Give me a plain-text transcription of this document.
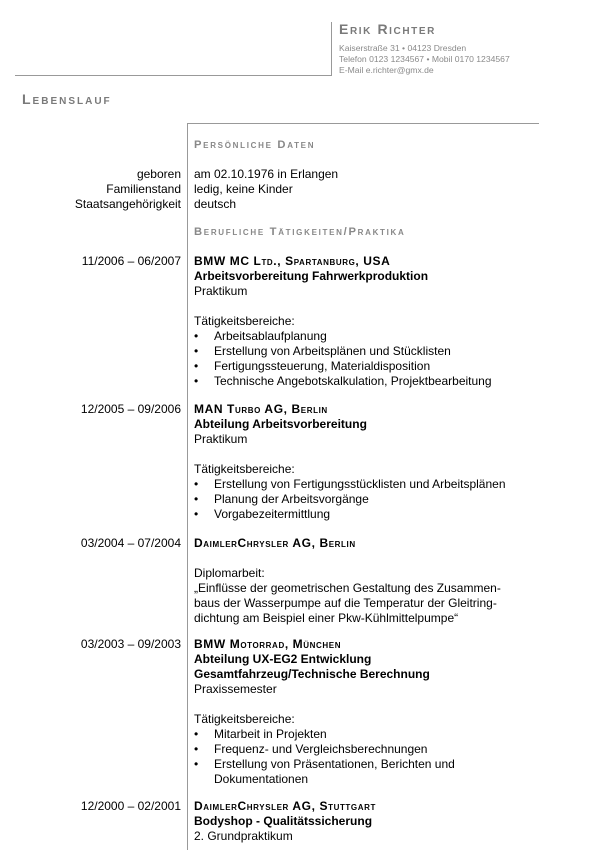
Erik Richter
Kaiserstraße 31 • 04123 Dresden
Telefon 0123 1234567 • Mobil 0170 1234567
E-Mail e.richter@gmx.de
Lebenslauf
Persönliche Daten
geboren
Familienstand
Staatsangehörigkeit
am 02.10.1976 in Erlangen
ledig, keine Kinder
deutsch
Berufliche Tätigkeiten/Praktika
11/2006 – 06/2007 BMW MC Ltd., Spartanburg, USA
Arbeitsvorbereitung Fahrwerkproduktion
Praktikum
Tätigkeitsbereiche:
• Arbeitsablaufplanung
• Erstellung von Arbeitsplänen und Stücklisten
• Fertigungssteuerung, Materialdisposition
• Technische Angebotskalkulation, Projektbearbeitung
12/2005 – 09/2006 MAN Turbo AG, Berlin
Abteilung Arbeitsvorbereitung
Praktikum
Tätigkeitsbereiche:
• Erstellung von Fertigungsstücklisten und Arbeitsplänen
• Planung der Arbeitsvorgänge
• Vorgabezeitermittlung
03/2004 – 07/2004 DaimlerChrysler AG, Berlin
Diplomarbeit:
„Einflüsse der geometrischen Gestaltung des Zusammen-
baus der Wasserpumpe auf die Temperatur der Gleitring-
dichtung am Beispiel einer Pkw-Kühlmittelpumpe“
03/2003 – 09/2003 BMW Motorrad, München
Abteilung UX-EG2 Entwicklung
Gesamtfahrzeug/Technische Berechnung
Praxissemester
Tätigkeitsbereiche:
• Mitarbeit in Projekten
• Frequenz- und Vergleichsberechnungen
• Erstellung von Präsentationen, Berichten und
Dokumentationen
12/2000 – 02/2001 DaimlerChrysler AG, Stuttgart
Bodyshop - Qualitätssicherung
2. Grundpraktikum
